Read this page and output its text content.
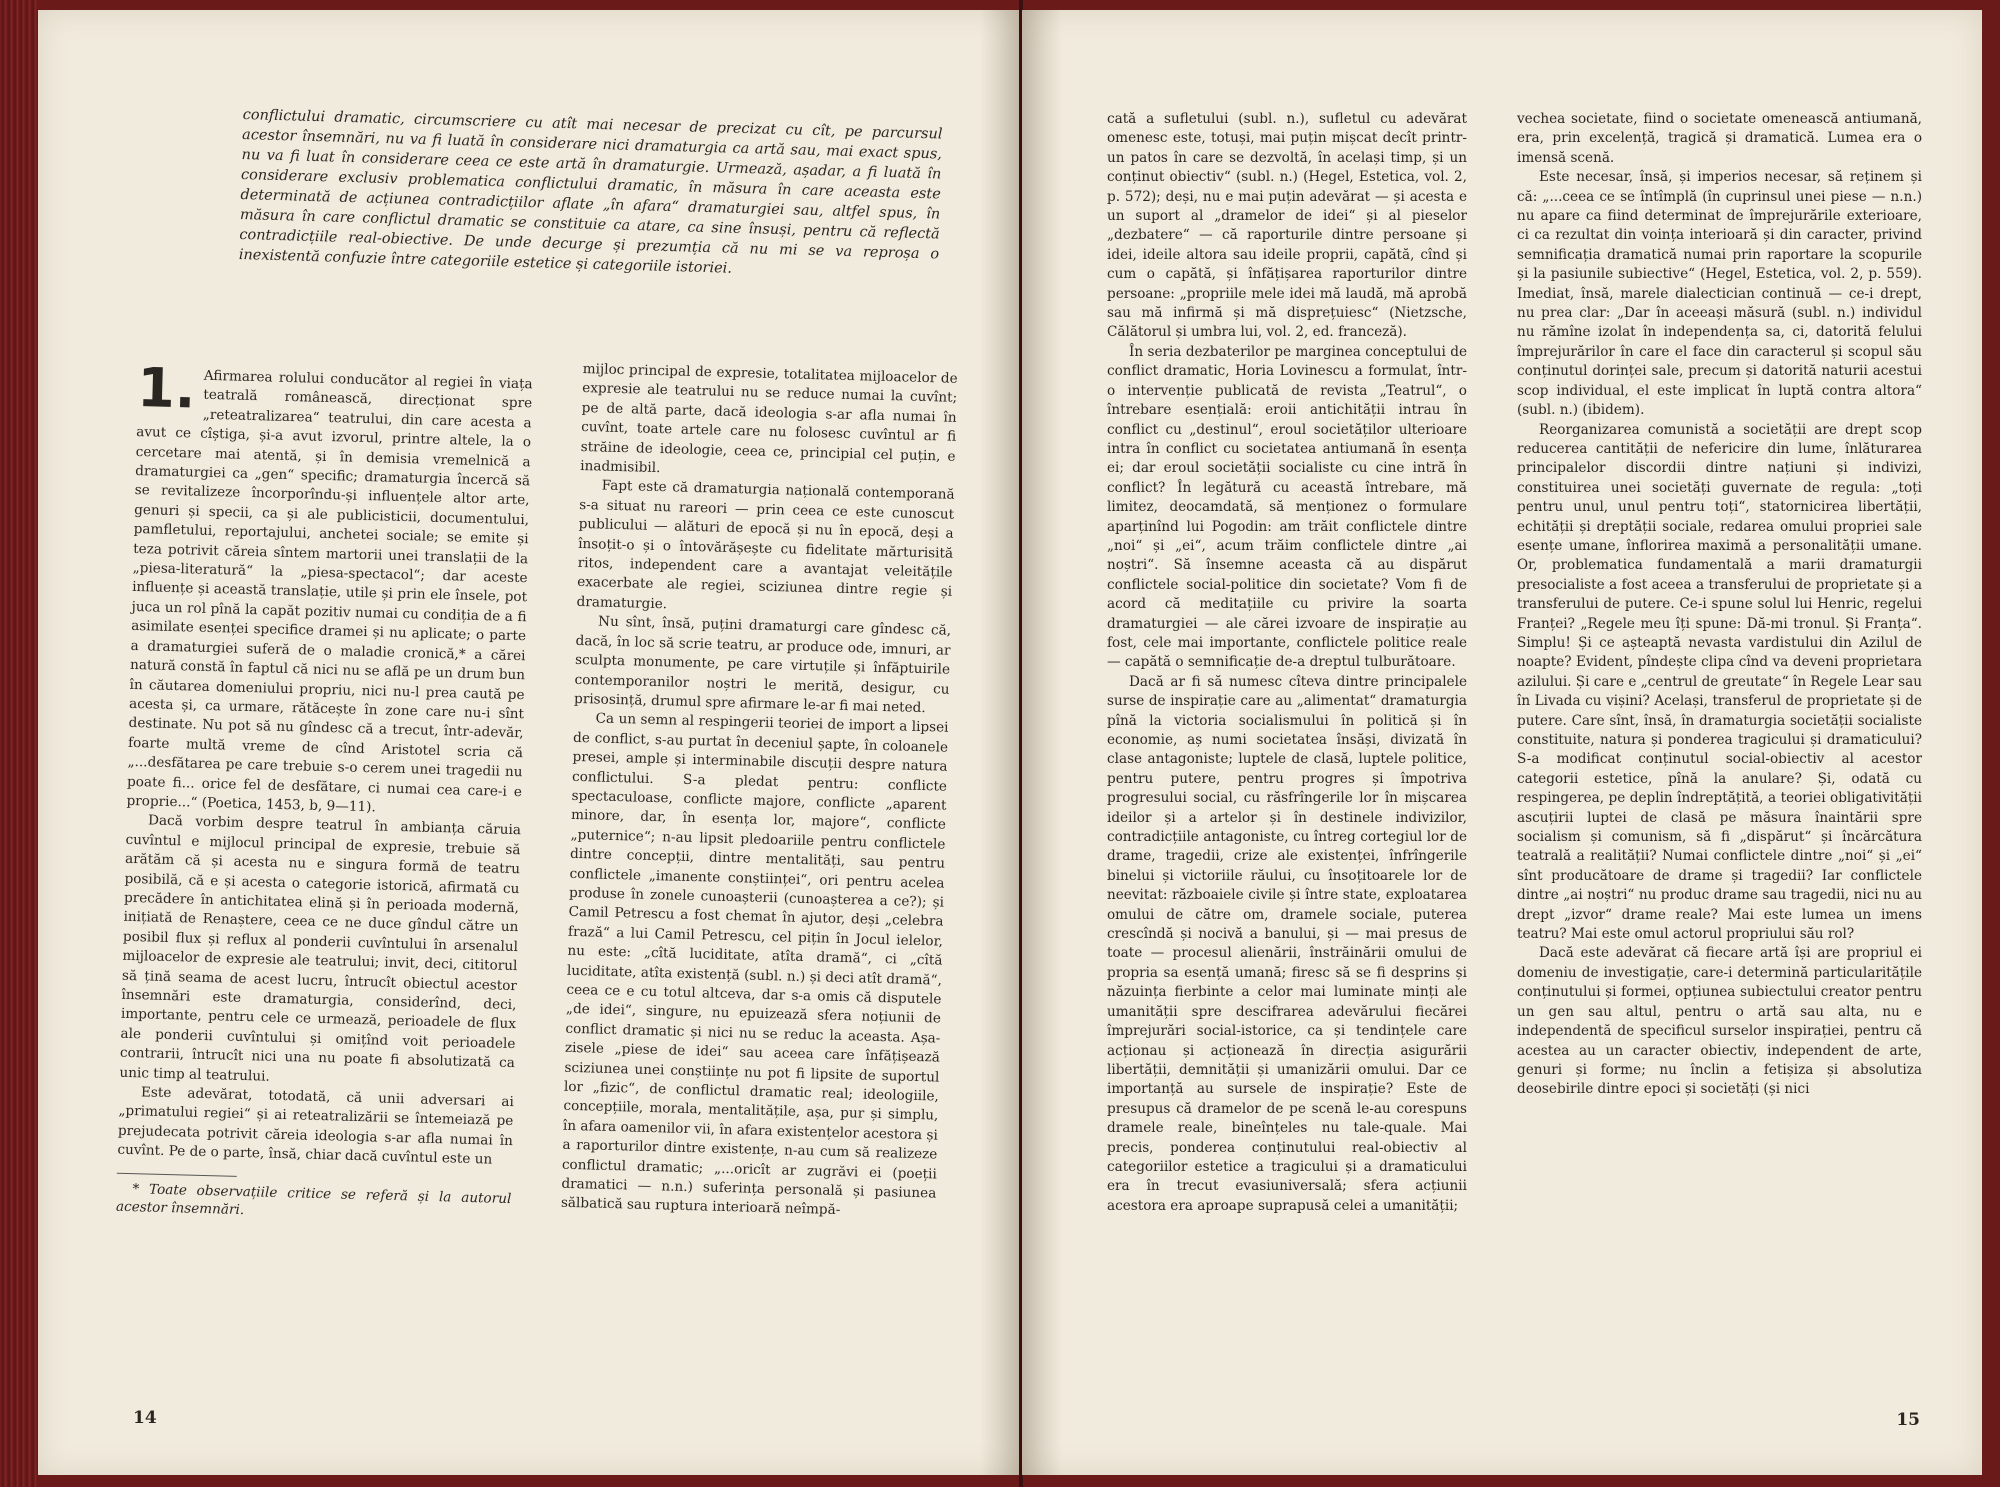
conflictului dramatic, circumscriere cu atît mai necesar de precizat cu cît, pe parcursul acestor însemnări, nu va fi luată în considerare nici dramaturgia ca artă sau, mai exact spus, nu va fi luat în considerare ceea ce este artă în dramaturgie. Urmează, așadar, a fi luată în considerare exclusiv problematica conflictului dramatic, în măsura în care aceasta este determinată de acțiunea contradicțiilor aflate „în afara“ dramaturgiei sau, altfel spus, în măsura în care conflictul dramatic se constituie ca atare, ca sine însuși, pentru că reflectă contradicțiile real-obiective. De unde decurge și prezumția că nu mi se va reproșa o inexistentă confuzie între categoriile estetice și categoriile istoriei.

1. Afirmarea rolului conducător al regiei în viața teatrală românească, direcționat spre „reteatralizarea“ teatrului, din care acesta a avut ce cîștiga, și-a avut izvorul, printre altele, la o cercetare mai atentă, și în demisia vremelnică a dramaturgiei ca „gen“ specific; dramaturgia încercă să se revitalizeze încorporîndu-și influențele altor arte, genuri și specii, ca și ale publicisticii, documentului, pamfletului, reportajului, anchetei sociale; se emite și teza potrivit căreia sîntem martorii unei translații de la „piesa-literatură“ la „piesa-spectacol“; dar aceste influențe și această translație, utile și prin ele însele, pot juca un rol pînă la capăt pozitiv numai cu condiția de a fi asimilate esenței specifice dramei și nu aplicate; o parte a dramaturgiei suferă de o maladie cronică,* a cărei natură constă în faptul că nici nu se află pe un drum bun în căutarea domeniului propriu, nici nu-l prea caută pe acesta și, ca urmare, rătăcește în zone care nu-i sînt destinate. Nu pot să nu gîndesc că a trecut, într-adevăr, foarte multă vreme de cînd Aristotel scria că „...desfătarea pe care trebuie s-o cerem unei tragedii nu poate fi... orice fel de desfătare, ci numai cea care-i e proprie...“ (Poetica, 1453, b, 9—11).

Dacă vorbim despre teatrul în ambianța căruia cuvîntul e mijlocul principal de expresie, trebuie să arătăm că și acesta nu e singura formă de teatru posibilă, că e și acesta o categorie istorică, afirmată cu precădere în antichitatea elină și în perioada modernă, inițiată de Renaștere, ceea ce ne duce gîndul către un posibil flux și reflux al ponderii cuvîntului în arsenalul mijloacelor de expresie ale teatrului; invit, deci, cititorul să țină seama de acest lucru, întrucît obiectul acestor însemnări este dramaturgia, considerînd, deci, importante, pentru cele ce urmează, perioadele de flux ale ponderii cuvîntului și omițînd voit perioadele contrarii, întrucît nici una nu poate fi absolutizată ca unic timp al teatrului.

Este adevărat, totodată, că unii adversari ai „primatului regiei“ și ai reteatralizării se întemeiază pe prejudecata potrivit căreia ideologia s-ar afla numai în cuvînt. Pe de o parte, însă, chiar dacă cuvîntul este un

* Toate observațiile critice se referă și la autorul acestor însemnări.

mijloc principal de expresie, totalitatea mijloacelor de expresie ale teatrului nu se reduce numai la cuvînt; pe de altă parte, dacă ideologia s-ar afla numai în cuvînt, toate artele care nu folosesc cuvîntul ar fi străine de ideologie, ceea ce, principial cel puțin, e inadmisibil.

Fapt este că dramaturgia națională contemporană s-a situat nu rareori — prin ceea ce este cunoscut publicului — alături de epocă și nu în epocă, deși a însoțit-o și o întovărășește cu fidelitate mărturisită ritos, independent care a avantajat veleitățile exacerbate ale regiei, sciziunea dintre regie și dramaturgie.

Nu sînt, însă, puțini dramaturgi care gîndesc că, dacă, în loc să scrie teatru, ar produce ode, imnuri, ar sculpta monumente, pe care virtuțile și înfăptuirile contemporanilor noștri le merită, desigur, cu prisosință, drumul spre afirmare le-ar fi mai neted.

Ca un semn al respingerii teoriei de import a lipsei de conflict, s-au purtat în deceniul șapte, în coloanele presei, ample și interminabile discuții despre natura conflictului. S-a pledat pentru: conflicte spectaculoase, conflicte majore, conflicte „aparent minore, dar, în esența lor, majore“, conflicte „puternice“; n-au lipsit pledoariile pentru conflictele dintre concepții, dintre mentalități, sau pentru conflictele „imanente conștiinței“, ori pentru acelea produse în zonele cunoașterii (cunoașterea a ce?); și Camil Petrescu a fost chemat în ajutor, deși „celebra frază“ a lui Camil Petrescu, cel pițin în Jocul ielelor, nu este: „cîtă luciditate, atîta dramă“, ci „cîtă luciditate, atîta existență (subl. n.) și deci atît dramă“, ceea ce e cu totul altceva, dar s-a omis că disputele „de idei“, singure, nu epuizează sfera noțiunii de conflict dramatic și nici nu se reduc la aceasta. Așa-zisele „piese de idei“ sau aceea care înfățișează sciziunea unei conștiințe nu pot fi lipsite de suportul lor „fizic“, de conflictul dramatic real; ideologiile, concepțiile, morala, mentalitățile, așa, pur și simplu, în afara oamenilor vii, în afara existențelor acestora și a raporturilor dintre existențe, n-au cum să realizeze conflictul dramatic; „...oricît ar zugrăvi ei (poeții dramatici — n.n.) suferința personală și pasiunea sălbatică sau ruptura interioară neîmpă-

14

cată a sufletului (subl. n.), sufletul cu adevărat omenesc este, totuși, mai puțin mișcat decît printr-un patos în care se dezvoltă, în același timp, și un conținut obiectiv“ (subl. n.) (Hegel, Estetica, vol. 2, p. 572); deși, nu e mai puțin adevărat — și acesta e un suport al „dramelor de idei“ și al pieselor „dezbatere“ — că raporturile dintre persoane și idei, ideile altora sau ideile proprii, capătă, cînd și cum o capătă, și înfățișarea raporturilor dintre persoane: „propriile mele idei mă laudă, mă aprobă sau mă infirmă și mă disprețuiesc“ (Nietzsche, Călătorul și umbra lui, vol. 2, ed. franceză).

În seria dezbaterilor pe marginea conceptului de conflict dramatic, Horia Lovinescu a formulat, într-o intervenție publicată de revista „Teatrul“, o întrebare esențială: eroii antichității intrau în conflict cu „destinul“, eroul societăților ulterioare intra în conflict cu societatea antiumană în esența ei; dar eroul societății socialiste cu cine intră în conflict? În legătură cu această întrebare, mă limitez, deocamdată, să menționez o formulare aparținînd lui Pogodin: am trăit conflictele dintre „noi“ și „ei“, acum trăim conflictele dintre „ai noștri“. Să însemne aceasta că au dispărut conflictele social-politice din societate? Vom fi de acord că meditațiile cu privire la soarta dramaturgiei — ale cărei izvoare de inspirație au fost, cele mai importante, conflictele politice reale — capătă o semnificație de-a dreptul tulburătoare.

Dacă ar fi să numesc cîteva dintre principalele surse de inspirație care au „alimentat“ dramaturgia pînă la victoria socialismului în politică și în economie, aș numi societatea însăși, divizată în clase antagoniste; luptele de clasă, luptele politice, pentru putere, pentru progres și împotriva progresului social, cu răsfrîngerile lor în mișcarea ideilor și a artelor și în destinele indivizilor, contradicțiile antagoniste, cu întreg cortegiul lor de drame, tragedii, crize ale existenței, înfrîngerile binelui și victoriile răului, cu însoțitoarele lor de neevitat: războaiele civile și între state, exploatarea omului de către om, dramele sociale, puterea crescîndă și nocivă a banului, și — mai presus de toate — procesul alienării, înstrăinării omului de propria sa esență umană; firesc să se fi desprins și năzuința fierbinte a celor mai luminate minți ale umanității spre descifrarea adevărului fiecărei împrejurări social-istorice, ca și tendințele care acționau și acționează în direcția asigurării libertății, demnității și umanizării omului. Dar ce importanță au sursele de inspirație? Este de presupus că dramelor de pe scenă le-au corespuns dramele reale, bineînțeles nu tale-quale. Mai precis, ponderea conținutului real-obiectiv al categoriilor estetice a tragicului și a dramaticului era în trecut evasiuniversală; sfera acțiunii acestora era aproape suprapusă celei a umanității;

vechea societate, fiind o societate omenească antiumană, era, prin excelență, tragică și dramatică. Lumea era o imensă scenă.

Este necesar, însă, și imperios necesar, să reținem și că: „...ceea ce se întîmplă (în cuprinsul unei piese — n.n.) nu apare ca fiind determinat de împrejurările exterioare, ci ca rezultat din voința interioară și din caracter, privind semnificația dramatică numai prin raportare la scopurile și la pasiunile subiective“ (Hegel, Estetica, vol. 2, p. 559). Imediat, însă, marele dialectician continuă — ce-i drept, nu prea clar: „Dar în aceeași măsură (subl. n.) individul nu rămîne izolat în independența sa, ci, datorită felului împrejurărilor în care el face din caracterul și scopul său conținutul dorinței sale, precum și datorită naturii acestui scop individual, el este implicat în luptă contra altora“ (subl. n.) (ibidem).

Reorganizarea comunistă a societății are drept scop reducerea cantității de nefericire din lume, înlăturarea principalelor discordii dintre națiuni și indivizi, constituirea unei societăți guvernate de regula: „toți pentru unul, unul pentru toți“, statornicirea libertății, echității și dreptății sociale, redarea omului propriei sale esențe umane, înflorirea maximă a personalității umane. Or, problematica fundamentală a marii dramaturgii presocialiste a fost aceea a transferului de proprietate și a transferului de putere. Ce-i spune solul lui Henric, regelui Franței? „Regele meu îți spune: Dă-mi tronul. Și Franța“. Simplu! Și ce așteaptă nevasta vardistului din Azilul de noapte? Evident, pîndește clipa cînd va deveni proprietara azilului. Și care e „centrul de greutate“ în Regele Lear sau în Livada cu vișini? Același, transferul de proprietate și de putere. Care sînt, însă, în dramaturgia societății socialiste constituite, natura și ponderea tragicului și dramaticului? S-a modificat conținutul social-obiectiv al acestor categorii estetice, pînă la anulare? Și, odată cu respingerea, pe deplin îndreptățită, a teoriei obligativității ascuțirii luptei de clasă pe măsura înaintării spre socialism și comunism, să fi „dispărut“ și încărcătura teatrală a realității? Numai conflictele dintre „noi“ și „ei“ sînt producătoare de drame și tragedii? Iar conflictele dintre „ai noștri“ nu produc drame sau tragedii, nici nu au drept „izvor“ drame reale? Mai este lumea un imens teatru? Mai este omul actorul propriului său rol?

Dacă este adevărat că fiecare artă își are propriul ei domeniu de investigație, care-i determină particularitățile conținutului și formei, opțiunea subiectului creator pentru un gen sau altul, pentru o artă sau alta, nu e independentă de specificul surselor inspirației, pentru că acestea au un caracter obiectiv, independent de arte, genuri și forme; nu înclin a fetișiza și absolutiza deosebirile dintre epoci și societăți (și nici

15
